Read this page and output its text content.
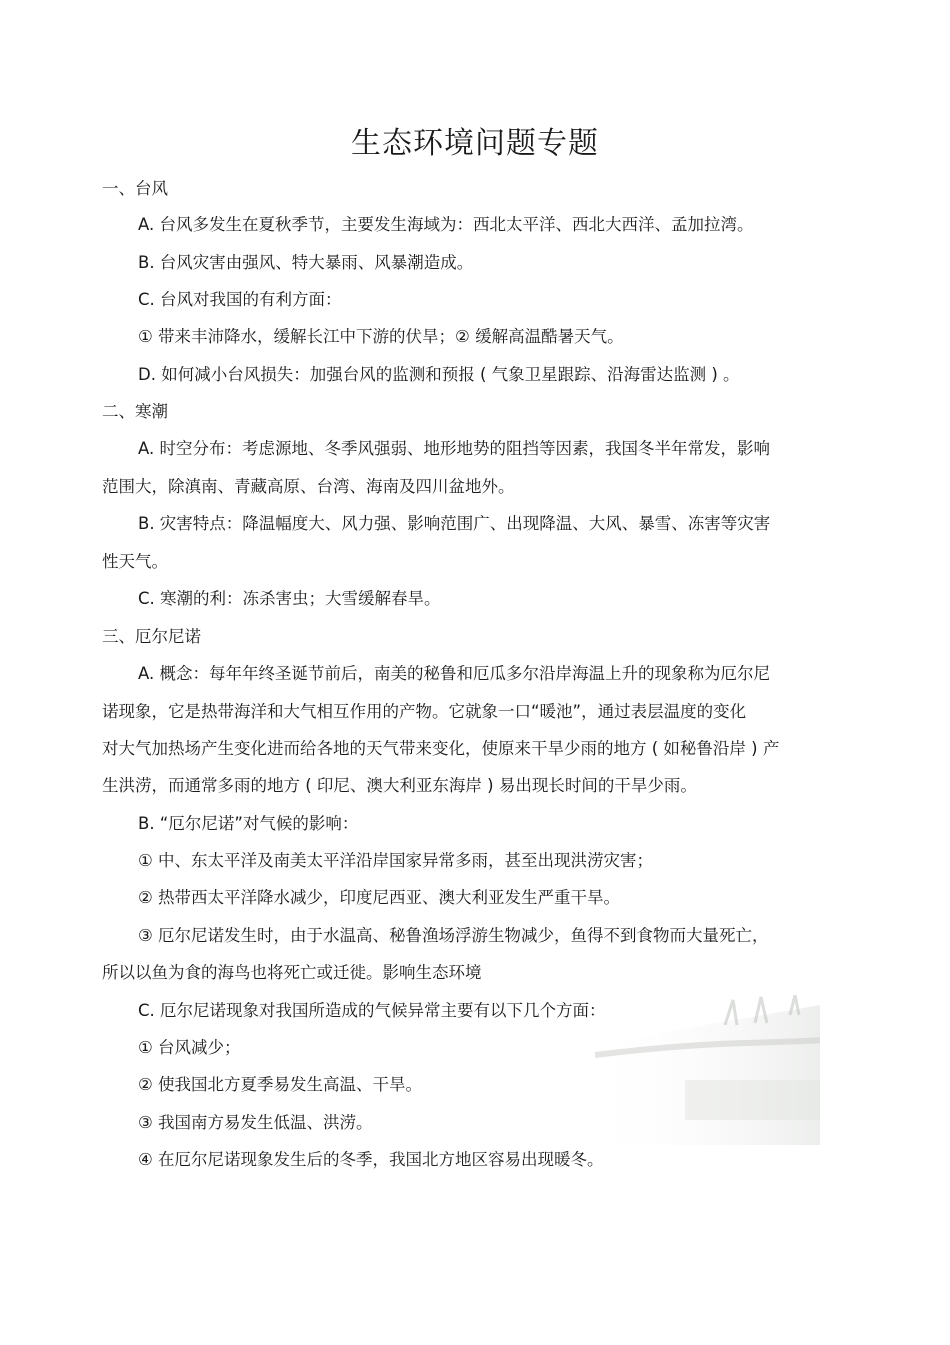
生态环境问题专题
一、台风
A. 台风多发生在夏秋季节，主要发生海域为：西北太平洋、西北大西洋、孟加拉湾。
B. 台风灾害由强风、特大暴雨、风暴潮造成。
C. 台风对我国的有利方面：
① 带来丰沛降水，缓解长江中下游的伏旱；② 缓解高温酷暑天气。
D. 如何减小台风损失：加强台风的监测和预报 ( 气象卫星跟踪、沿海雷达监测 ) 。
二、寒潮
A. 时空分布：考虑源地、冬季风强弱、地形地势的阻挡等因素，我国冬半年常发，影响
范围大，除滇南、青藏高原、台湾、海南及四川盆地外。
B. 灾害特点：降温幅度大、风力强、影响范围广、出现降温、大风、暴雪、冻害等灾害
性天气。
C. 寒潮的利：冻杀害虫；大雪缓解春旱。
三、厄尔尼诺
A. 概念：每年年终圣诞节前后，南美的秘鲁和厄瓜多尔沿岸海温上升的现象称为厄尔尼
诺现象，它是热带海洋和大气相互作用的产物。它就象一口“暖池”，通过表层温度的变化
对大气加热场产生变化进而给各地的天气带来变化，使原来干旱少雨的地方 ( 如秘鲁沿岸 ) 产
生洪涝，而通常多雨的地方 ( 印尼、澳大利亚东海岸 ) 易出现长时间的干旱少雨。
B. “厄尔尼诺”对气候的影响：
① 中、东太平洋及南美太平洋沿岸国家异常多雨，甚至出现洪涝灾害；
② 热带西太平洋降水减少，印度尼西亚、澳大利亚发生严重干旱。
③ 厄尔尼诺发生时，由于水温高、秘鲁渔场浮游生物减少，鱼得不到食物而大量死亡，
所以以鱼为食的海鸟也将死亡或迁徙。影响生态环境
C. 厄尔尼诺现象对我国所造成的气候异常主要有以下几个方面：
① 台风减少；
② 使我国北方夏季易发生高温、干旱。
③ 我国南方易发生低温、洪涝。
④ 在厄尔尼诺现象发生后的冬季，我国北方地区容易出现暖冬。
